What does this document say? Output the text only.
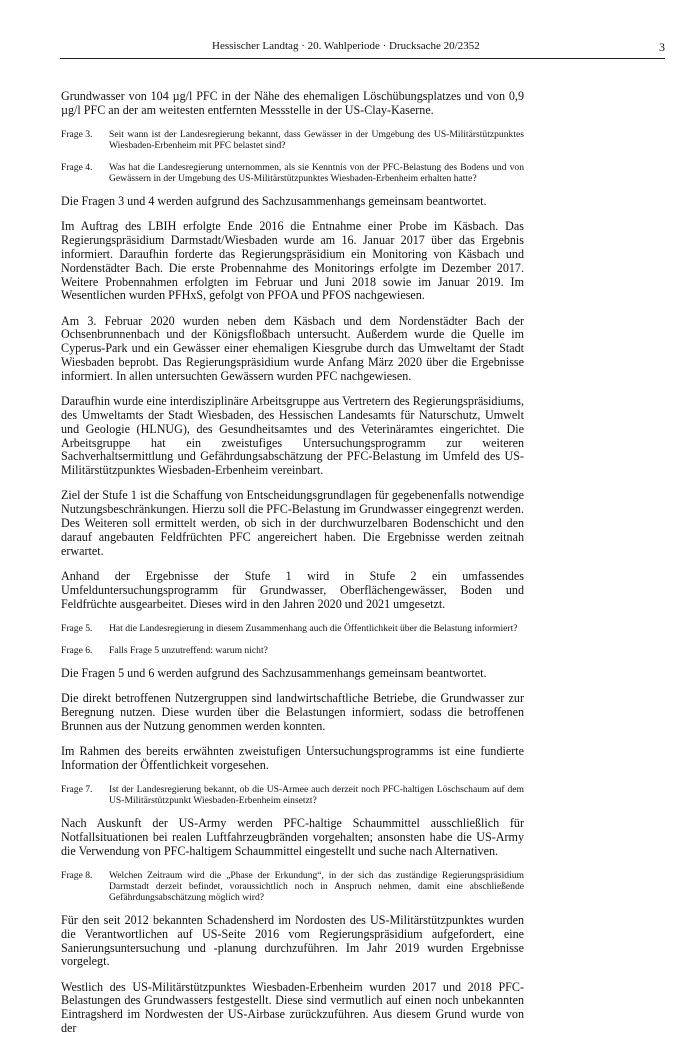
Hessischer Landtag · 20. Wahlperiode · Drucksache 20/2352	3

Grundwasser von 104 µg/l PFC in der Nähe des ehemaligen Löschübungsplatzes und von 0,9 µg/l PFC an der am weitesten entfernten Messstelle in der US-Clay-Kaserne.

Frage 3.	Seit wann ist der Landesregierung bekannt, dass Gewässer in der Umgebung des US-Militärstützpunktes Wiesbaden-Erbenheim mit PFC belastet sind?
Frage 4.	Was hat die Landesregierung unternommen, als sie Kenntnis von der PFC-Belastung des Bodens und von Gewässern in der Umgebung des US-Militärstützpunktes Wiesbaden-Erbenheim erhalten hatte?

Die Fragen 3 und 4 werden aufgrund des Sachzusammenhangs gemeinsam beantwortet.

Im Auftrag des LBIH erfolgte Ende 2016 die Entnahme einer Probe im Käsbach. Das Regierungspräsidium Darmstadt/Wiesbaden wurde am 16. Januar 2017 über das Ergebnis informiert. Daraufhin forderte das Regierungspräsidium ein Monitoring von Käsbach und Nordenstädter Bach. Die erste Probennahme des Monitorings erfolgte im Dezember 2017. Weitere Probennahmen erfolgten im Februar und Juni 2018 sowie im Januar 2019. Im Wesentlichen wurden PFHxS, gefolgt von PFOA und PFOS nachgewiesen.

Am 3. Februar 2020 wurden neben dem Käsbach und dem Nordenstädter Bach der Ochsenbrunnenbach und der Königsfloßbach untersucht. Außerdem wurde die Quelle im Cyperus-Park und ein Gewässer einer ehemaligen Kiesgrube durch das Umweltamt der Stadt Wiesbaden beprobt. Das Regierungspräsidium wurde Anfang März 2020 über die Ergebnisse informiert. In allen untersuchten Gewässern wurden PFC nachgewiesen.

Daraufhin wurde eine interdisziplinäre Arbeitsgruppe aus Vertretern des Regierungspräsidiums, des Umweltamts der Stadt Wiesbaden, des Hessischen Landesamts für Naturschutz, Umwelt und Geologie (HLNUG), des Gesundheitsamtes und des Veterinäramtes eingerichtet. Die Arbeitsgruppe hat ein zweistufiges Untersuchungsprogramm zur weiteren Sachverhaltsermittlung und Gefährdungsabschätzung der PFC-Belastung im Umfeld des US-Militärstützpunktes Wiesbaden-Erbenheim vereinbart.

Ziel der Stufe 1 ist die Schaffung von Entscheidungsgrundlagen für gegebenenfalls notwendige Nutzungsbeschränkungen. Hierzu soll die PFC-Belastung im Grundwasser eingegrenzt werden. Des Weiteren soll ermittelt werden, ob sich in der durchwurzelbaren Bodenschicht und den darauf angebauten Feldfrüchten PFC angereichert haben. Die Ergebnisse werden zeitnah erwartet.

Anhand der Ergebnisse der Stufe 1 wird in Stufe 2 ein umfassendes Umfelduntersuchungsprogramm für Grundwasser, Oberflächengewässer, Boden und Feldfrüchte ausgearbeitet. Dieses wird in den Jahren 2020 und 2021 umgesetzt.

Frage 5.	Hat die Landesregierung in diesem Zusammenhang auch die Öffentlichkeit über die Belastung informiert?
Frage 6.	Falls Frage 5 unzutreffend: warum nicht?

Die Fragen 5 und 6 werden aufgrund des Sachzusammenhangs gemeinsam beantwortet.

Die direkt betroffenen Nutzergruppen sind landwirtschaftliche Betriebe, die Grundwasser zur Beregnung nutzen. Diese wurden über die Belastungen informiert, sodass die betroffenen Brunnen aus der Nutzung genommen werden konnten.

Im Rahmen des bereits erwähnten zweistufigen Untersuchungsprogramms ist eine fundierte Information der Öffentlichkeit vorgesehen.

Frage 7.	Ist der Landesregierung bekannt, ob die US-Armee auch derzeit noch PFC-haltigen Löschschaum auf dem US-Militärstützpunkt Wiesbaden-Erbenheim einsetzt?

Nach Auskunft der US-Army werden PFC-haltige Schaummittel ausschließlich für Notfallsituationen bei realen Luftfahrzeugbränden vorgehalten; ansonsten habe die US-Army die Verwendung von PFC-haltigem Schaummittel eingestellt und suche nach Alternativen.

Frage 8.	Welchen Zeitraum wird die „Phase der Erkundung“, in der sich das zuständige Regierungspräsidium Darmstadt derzeit befindet, voraussichtlich noch in Anspruch nehmen, damit eine abschließende Gefährdungsabschätzung möglich wird?

Für den seit 2012 bekannten Schadensherd im Nordosten des US-Militärstützpunktes wurden die Verantwortlichen auf US-Seite 2016 vom Regierungspräsidium aufgefordert, eine Sanierungsuntersuchung und -planung durchzuführen. Im Jahr 2019 wurden Ergebnisse vorgelegt.

Westlich des US-Militärstützpunktes Wiesbaden-Erbenheim wurden 2017 und 2018 PFC-Belastungen des Grundwassers festgestellt. Diese sind vermutlich auf einen noch unbekannten Eintragsherd im Nordwesten der US-Airbase zurückzuführen. Aus diesem Grund wurde von der
